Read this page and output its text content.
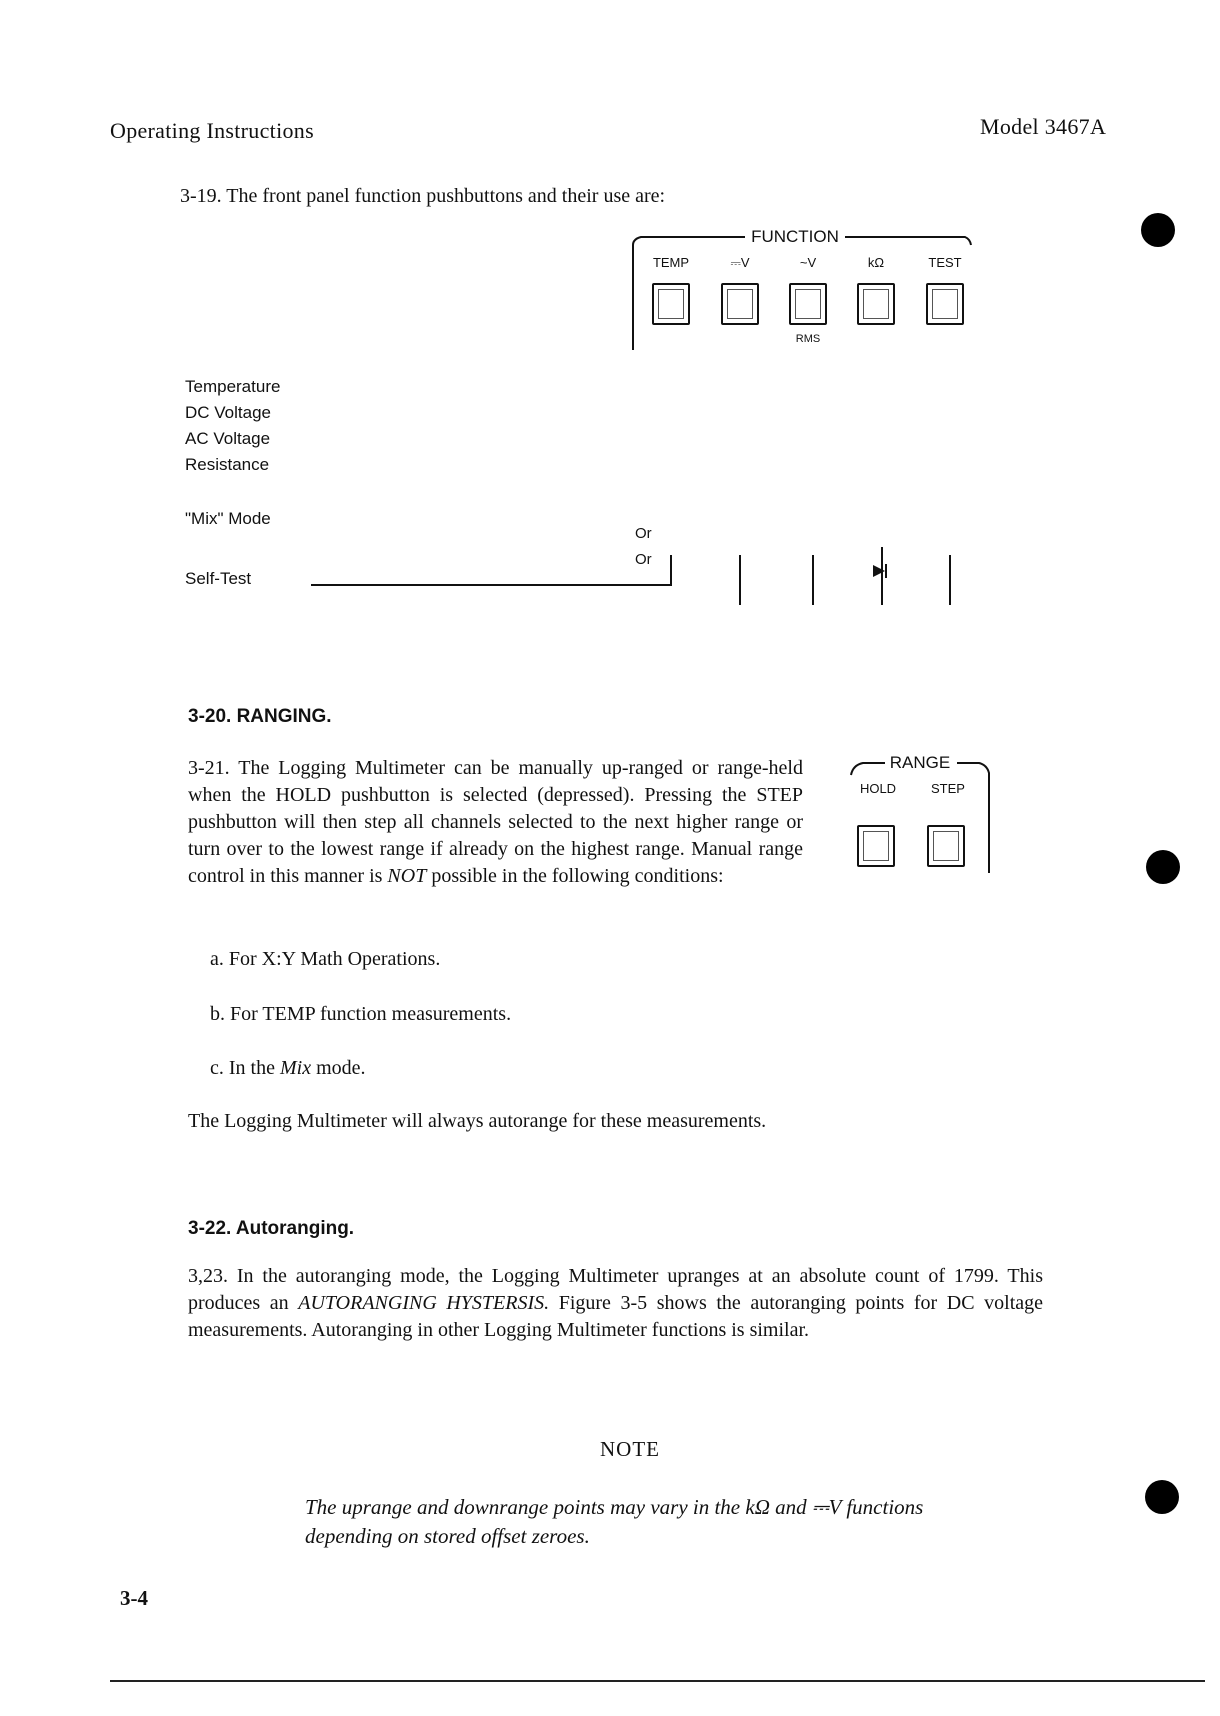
Operating Instructions	Model 3467A
3-19. The front panel function pushbuttons and their use are:
FUNCTION
TEMP	⎓V	~V	kΩ	TEST
RMS
Temperature
DC Voltage
AC Voltage
Resistance
"Mix" Mode
Or
Or
Self-Test
3-20. RANGING.
3-21. The Logging Multimeter can be manually up-ranged or range-held when the HOLD pushbutton is selected (depressed). Pressing the STEP pushbutton will then step all channels selected to the next higher range or turn over to the lowest range if already on the highest range. Manual range control in this manner is NOT possible in the following conditions:
RANGE
HOLD	STEP
a. For X:Y Math Operations.
b. For TEMP function measurements.
c. In the Mix mode.
The Logging Multimeter will always autorange for these measurements.
3-22. Autoranging.
3,23. In the autoranging mode, the Logging Multimeter upranges at an absolute count of 1799. This produces an AUTORANGING HYSTERSIS. Figure 3-5 shows the autoranging points for DC voltage measurements. Autoranging in other Logging Multimeter functions is similar.
NOTE
The uprange and downrange points may vary in the kΩ and ⎓V functions depending on stored offset zeroes.
3-4
